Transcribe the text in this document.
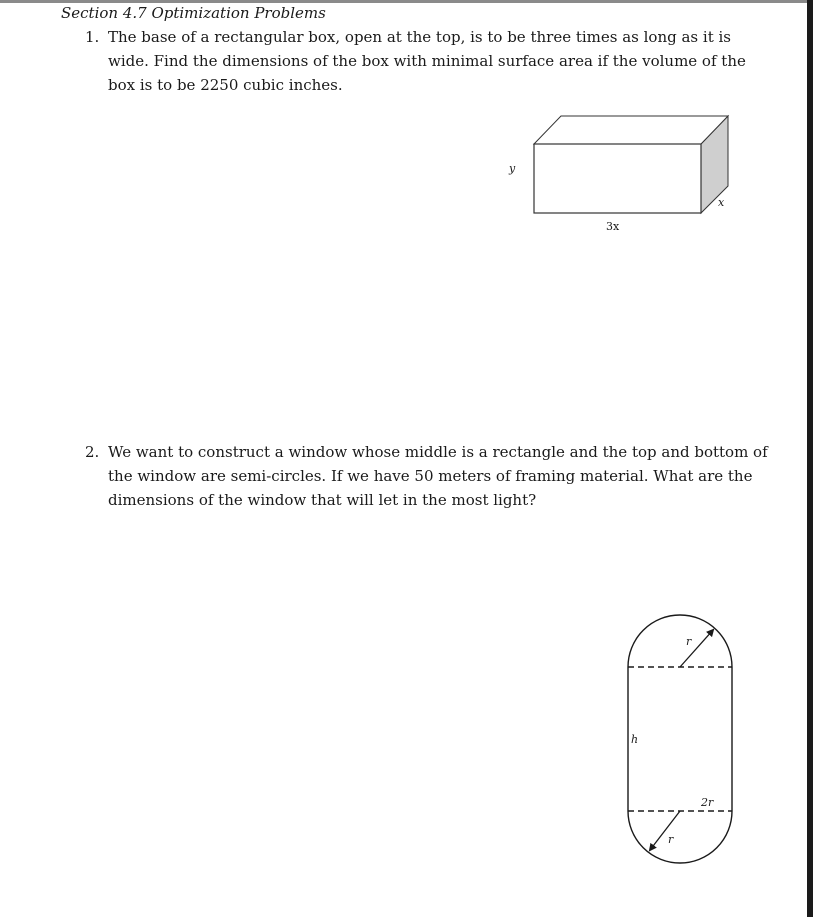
Section 4.7 Optimization Problems
1. The base of a rectangular box, open at the top, is to be three times as long as it is wide. Find the dimensions of the box with minimal surface area if the volume of the box is to be 2250 cubic inches.
y
x
3x
2. We want to construct a window whose middle is a rectangle and the top and bottom of the window are semi-circles. If we have 50 meters of framing material. What are the dimensions of the window that will let in the most light?
r
h
2r
r
